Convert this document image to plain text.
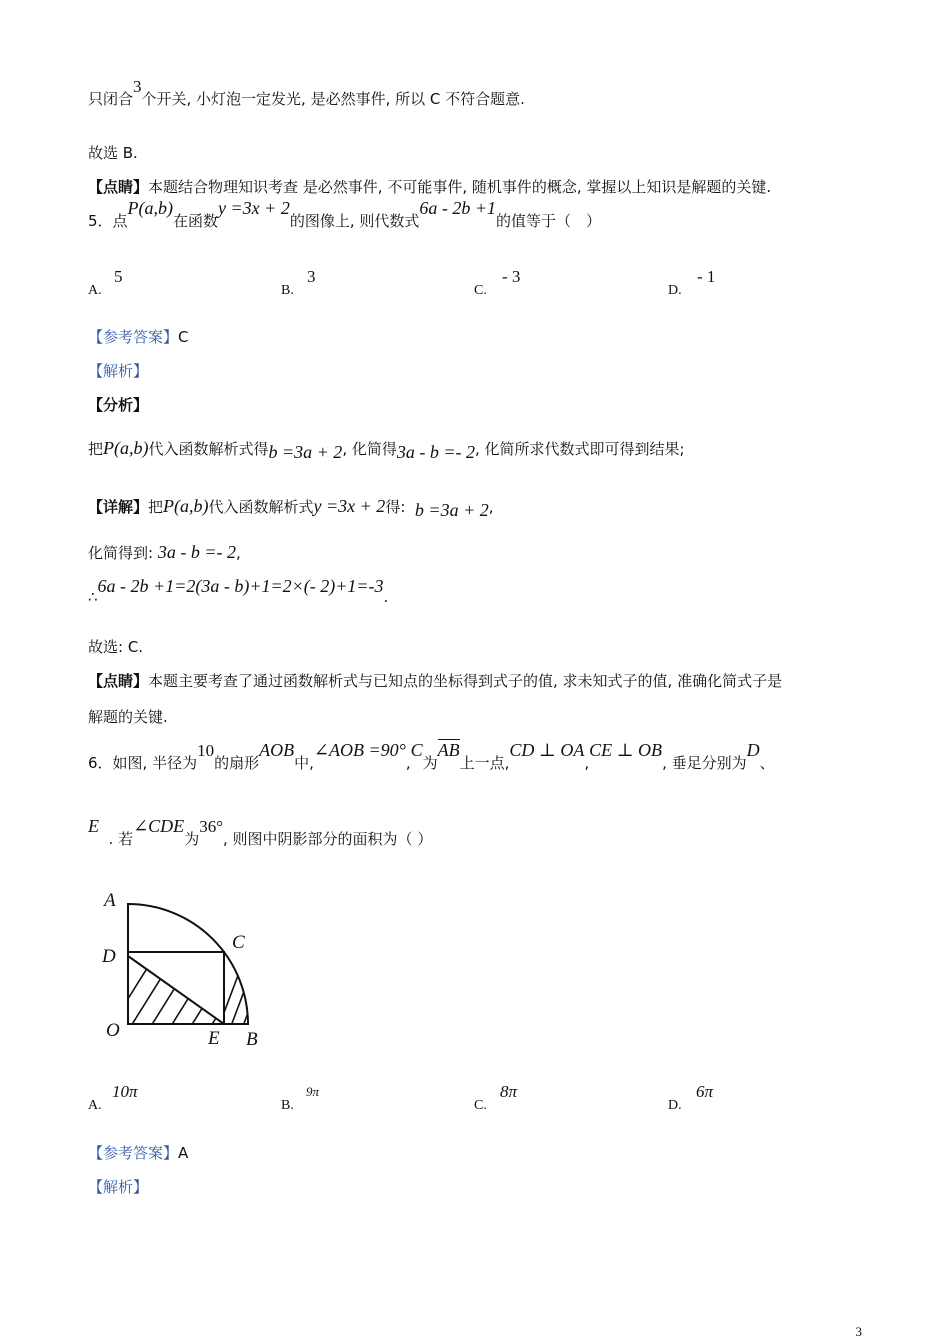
只闭合3个开关, 小灯泡一定发光, 是必然事件, 所以 C 不符合题意.
故选 B.
【点睛】本题结合物理知识考查 是必然事件, 不可能事件, 随机事件的概念, 掌握以上知识是解题的关键.
5．点P(a,b)在函数y =3x + 2的图像上, 则代数式6a - 2b +1的值等于（　）
A.
5
B.
3
C.
- 3
D.
- 1
【参考答案】C
【解析】
【分析】
把P(a,b)代入函数解析式得b =3a + 2, 化简得3a - b =- 2, 化简所求代数式即可得到结果;
【详解】把P(a,b)代入函数解析式y =3x + 2得: b =3a + 2,
化简得到: 3a - b =- 2,
∴6a - 2b +1=2(3a - b)+1=2×(- 2)+1=-3.
故选: C.
【点睛】本题主要考查了通过函数解析式与已知点的坐标得到式子的值, 求未知式子的值, 准确化简式子是
解题的关键.
6．如图, 半径为10的扇形AOB中,∠AOB =90°,C为AB上一点,CD ⊥ OA,CE ⊥ OB, 垂足分别为D、
E  . 若∠CDE为36°, 则图中阴影部分的面积为（ ）
A
D
C
O	E B
A.
10π
B.
9π
C.
8π
D.
6π
【参考答案】A
【解析】
3
